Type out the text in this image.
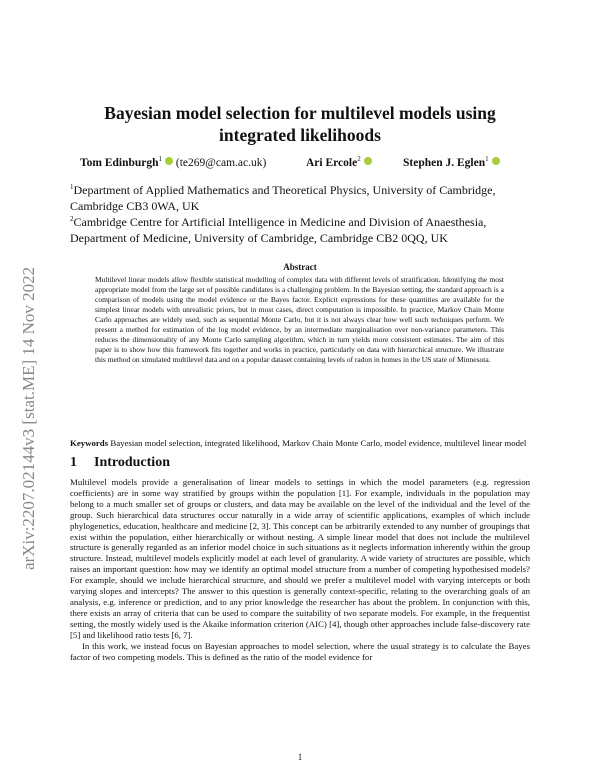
arXiv:2207.02144v3 [stat.ME] 14 Nov 2022
Bayesian model selection for multilevel models using
integrated likelihoods
Tom Edinburgh$^1$ (te269@cam.ac.uk)	Ari Ercole$^2$	Stephen J. Eglen$^1$
$^1$Department of Applied Mathematics and Theoretical Physics, University of Cambridge,
Cambridge CB3 0WA, UK
$^2$Cambridge Centre for Artificial Intelligence in Medicine and Division of Anaesthesia,
Department of Medicine, University of Cambridge, Cambridge CB2 0QQ, UK
Abstract
Multilevel linear models allow flexible statistical modelling of complex data with different levels of stratification. Identifying the most appropriate model from the large set of possible candidates is a challenging problem. In the Bayesian setting, the standard approach is a comparison of models using the model evidence or the Bayes factor. Explicit expressions for these quantities are available for the simplest linear models with unrealistic priors, but in most cases, direct computation is impossible. In practice, Markov Chain Monte Carlo approaches are widely used, such as sequential Monte Carlo, but it is not always clear how well such techniques perform. We present a method for estimation of the log model evidence, by an intermediate marginalisation over non-variance parameters. This reduces the dimensionality of any Monte Carlo sampling algorithm, which in turn yields more consistent estimates. The aim of this paper is to show how this framework fits together and works in practice, particularly on data with hierarchical structure. We illustrate this method on simulated multilevel data and on a popular dataset containing levels of radon in homes in the US state of Minnesota.
Keywords Bayesian model selection, integrated likelihood, Markov Chain Monte Carlo, model evidence, multilevel linear model
1 Introduction

Multilevel models provide a generalisation of linear models to settings in which the model parameters (e.g. regression coefficients) are in some way stratified by groups within the population [1]. For example, individuals in the population may belong to a much smaller set of groups or clusters, and data may be available on the level of the individual and the level of the group. Such hierarchical data structures occur naturally in a wide array of scientific applications, examples of which include phylogenetics, education, healthcare and medicine [2, 3]. This concept can be arbitrarily extended to any number of groupings that exist within the population, either hierarchically or without nesting. A simple linear model that does not include the multilevel structure is generally regarded as an inferior model choice in such situations as it neglects information inherently within the group structure. Instead, multilevel models explicitly model at each level of granularity. A wide variety of structures are possible, which raises an important question: how may we identify an optimal model structure from a number of competing hypothesised models? For example, should we include hierarchical structure, and should we prefer a multilevel model with varying intercepts or both varying slopes and intercepts? The answer to this question is generally context-specific, relating to the overarching goals of an analysis, e.g. inference or prediction, and to any prior knowledge the researcher has about the problem. In conjunction with this, there exists an array of criteria that can be used to compare the suitability of two separate models. For example, in the frequentist setting, the mostly widely used is the Akaike information criterion (AIC) [4], though other approaches include false-discovery rate [5] and likelihood ratio tests [6, 7].

In this work, we instead focus on Bayesian approaches to model selection, where the usual strategy is to calculate the Bayes factor of two competing models. This is defined as the ratio of the model evidence for

1
